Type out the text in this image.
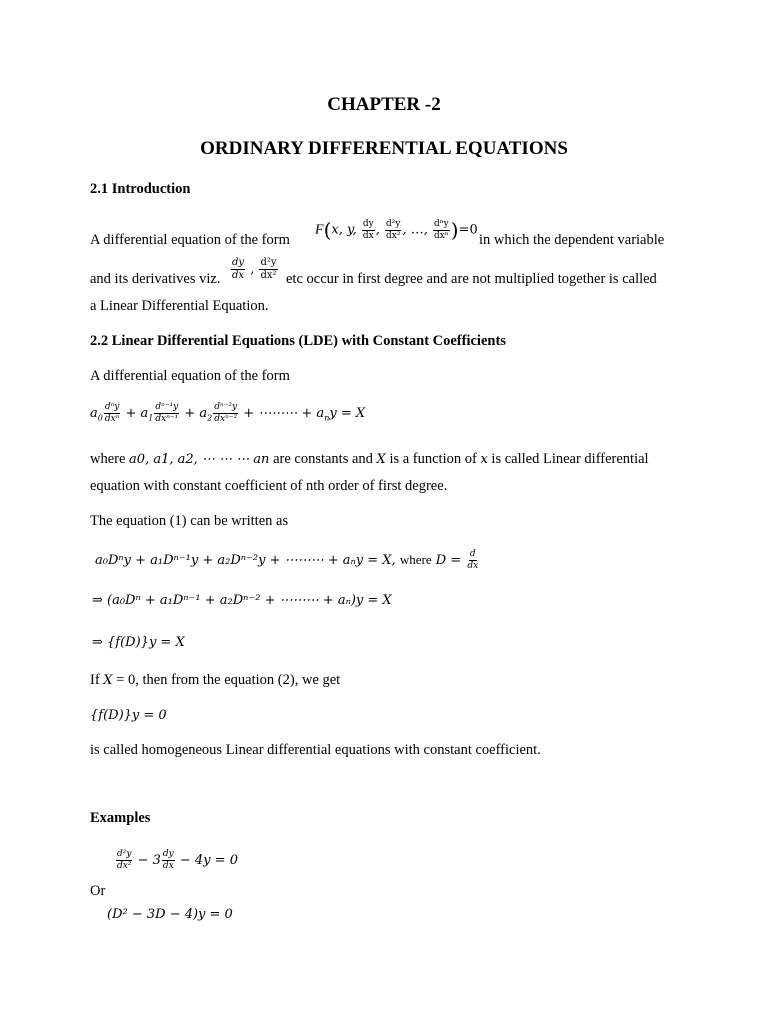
CHAPTER -2
ORDINARY DIFFERENTIAL EQUATIONS
2.1 Introduction
A differential equation of the form
F(x, y, $\frac{dy}{dx}$ , $\frac{\text{d²y}}{\text{dx²}}$ , …, $\frac{\text{dⁿy}}{\text{dxⁿ}} )=0$
in which the dependent variable
and its derivatives viz. $\frac{dy}{dx}$ , $\frac{\text{d²y}}{\text{dx²}}$ etc occur in first degree and are not multiplied together is called
a Linear Differential Equation.
2.2 Linear Differential Equations (LDE) with Constant Coefficients
A differential equation of the form
$a_0 \frac{\text{dⁿy}}{\text{dxⁿ}} + a_1 \frac{\text{dⁿ⁻¹y}}{\text{dxⁿ⁻¹}} + a_2 \frac{\text{dⁿ⁻²y}}{\text{dxⁿ⁻²}}$ + ⋯⋯⋯ + $a_ny = X$
where a0, a1, a2, ⋯ ⋯ ⋯ an are constants and X is a function of x is called Linear differential
equation with constant coefficient of nth order of first degree.
The equation (1) can be written as
a₀Dⁿy + a₁Dⁿ⁻¹y + a₂Dⁿ⁻²y + ⋯⋯⋯ + aₙy = X, where $D = \frac{d}{dx}$
⇒ (a₀Dⁿ + a₁Dⁿ⁻¹ + a₂Dⁿ⁻² + ⋯⋯⋯ + aₙ)y = X
⇒ {f(D)}y = X
If X = 0, then from the equation (2), we get
{f(D)}y = 0
is called homogeneous Linear differential equations with constant coefficient.
Examples
$\frac{\text{d²y}}{\text{dx²}} - 3 \frac{dy}{dx} - 4y = 0$
Or
(D² − 3D − 4)y = 0
